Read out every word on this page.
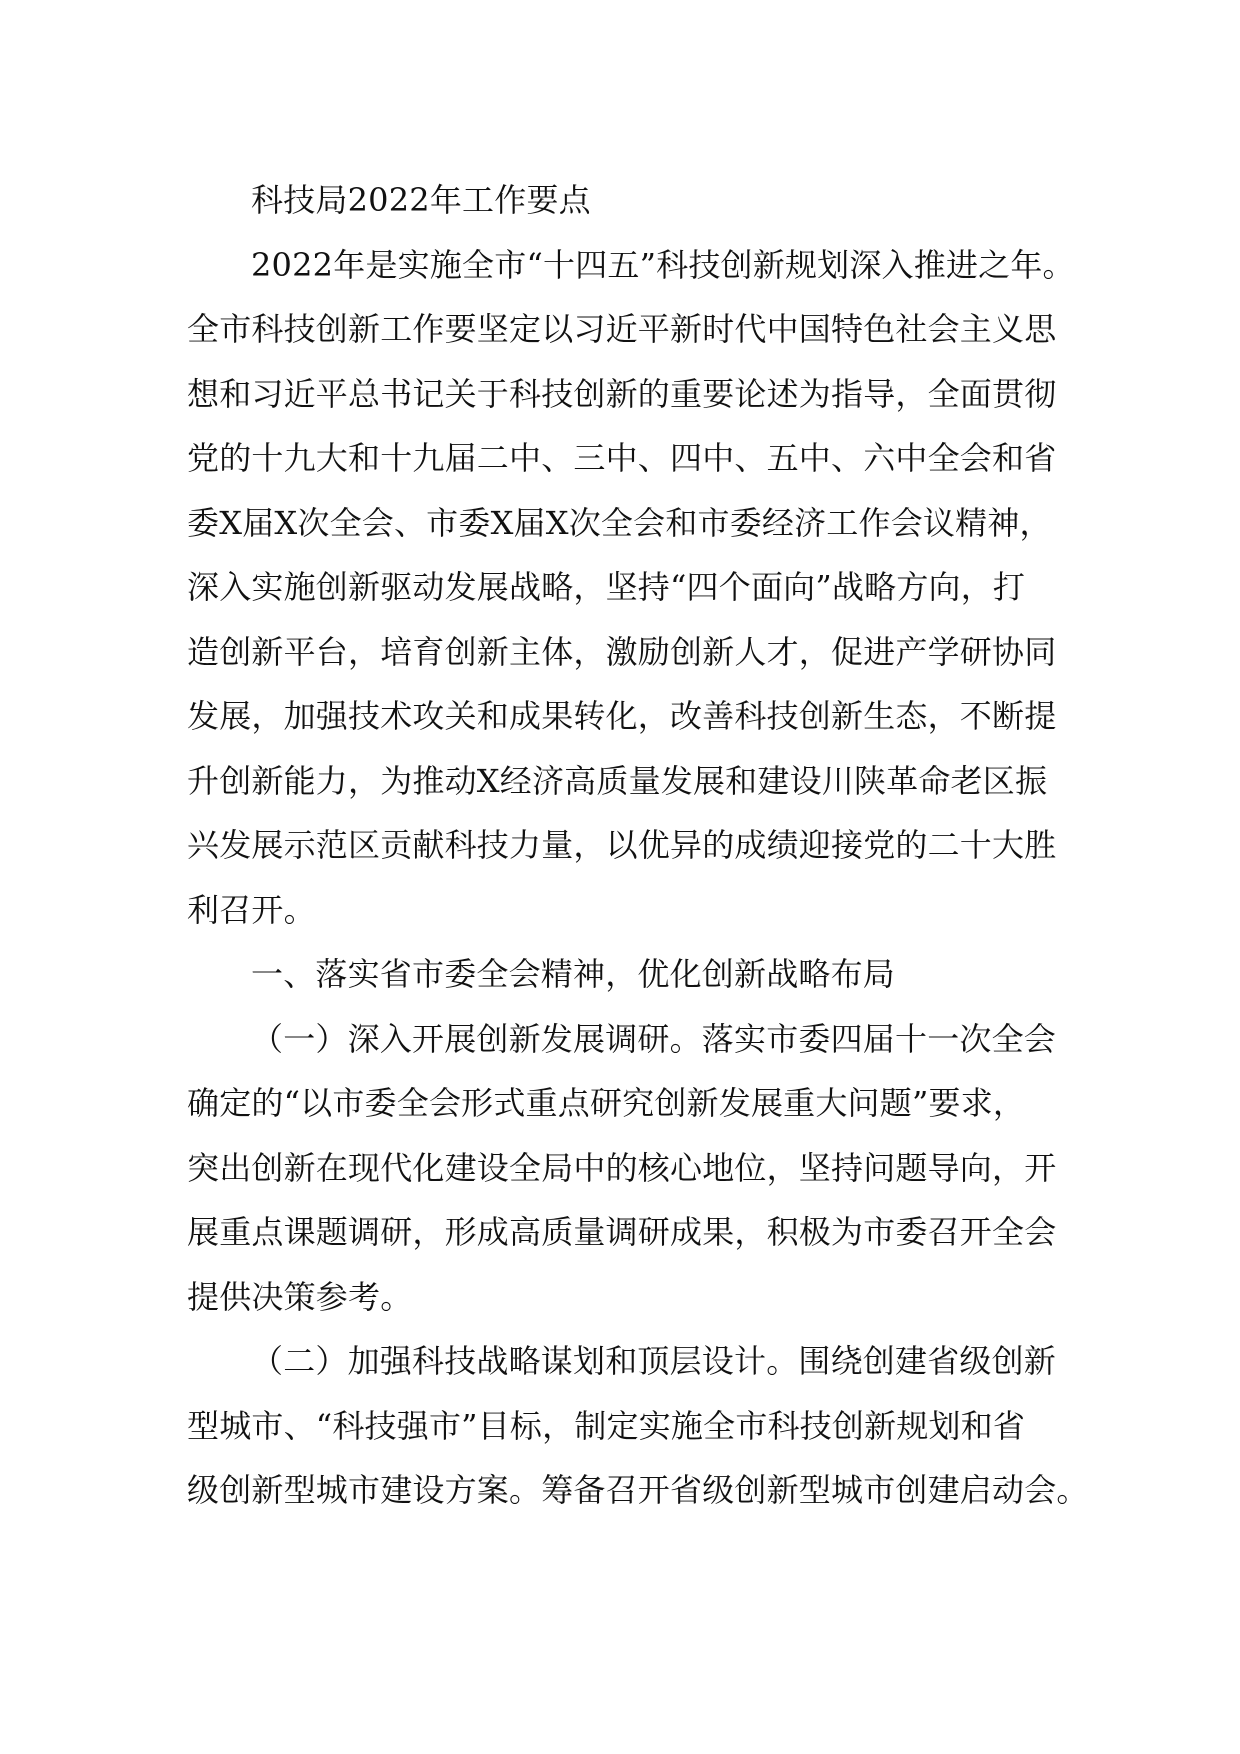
科技局2022年工作要点
2022年是实施全市“十四五”科技创新规划深入推进之年。
全市科技创新工作要坚定以习近平新时代中国特色社会主义思
想和习近平总书记关于科技创新的重要论述为指导，全面贯彻
党的十九大和十九届二中、三中、四中、五中、六中全会和省
委X届X次全会、市委X届X次全会和市委经济工作会议精神，
深入实施创新驱动发展战略，坚持“四个面向”战略方向，打
造创新平台，培育创新主体，激励创新人才，促进产学研协同
发展，加强技术攻关和成果转化，改善科技创新生态，不断提
升创新能力，为推动X经济高质量发展和建设川陕革命老区振
兴发展示范区贡献科技力量，以优异的成绩迎接党的二十大胜
利召开。
一、落实省市委全会精神，优化创新战略布局
（一）深入开展创新发展调研。落实市委四届十一次全会
确定的“以市委全会形式重点研究创新发展重大问题”要求，
突出创新在现代化建设全局中的核心地位，坚持问题导向，开
展重点课题调研，形成高质量调研成果，积极为市委召开全会
提供决策参考。
（二）加强科技战略谋划和顶层设计。围绕创建省级创新
型城市、“科技强市”目标，制定实施全市科技创新规划和省
级创新型城市建设方案。筹备召开省级创新型城市创建启动会。
